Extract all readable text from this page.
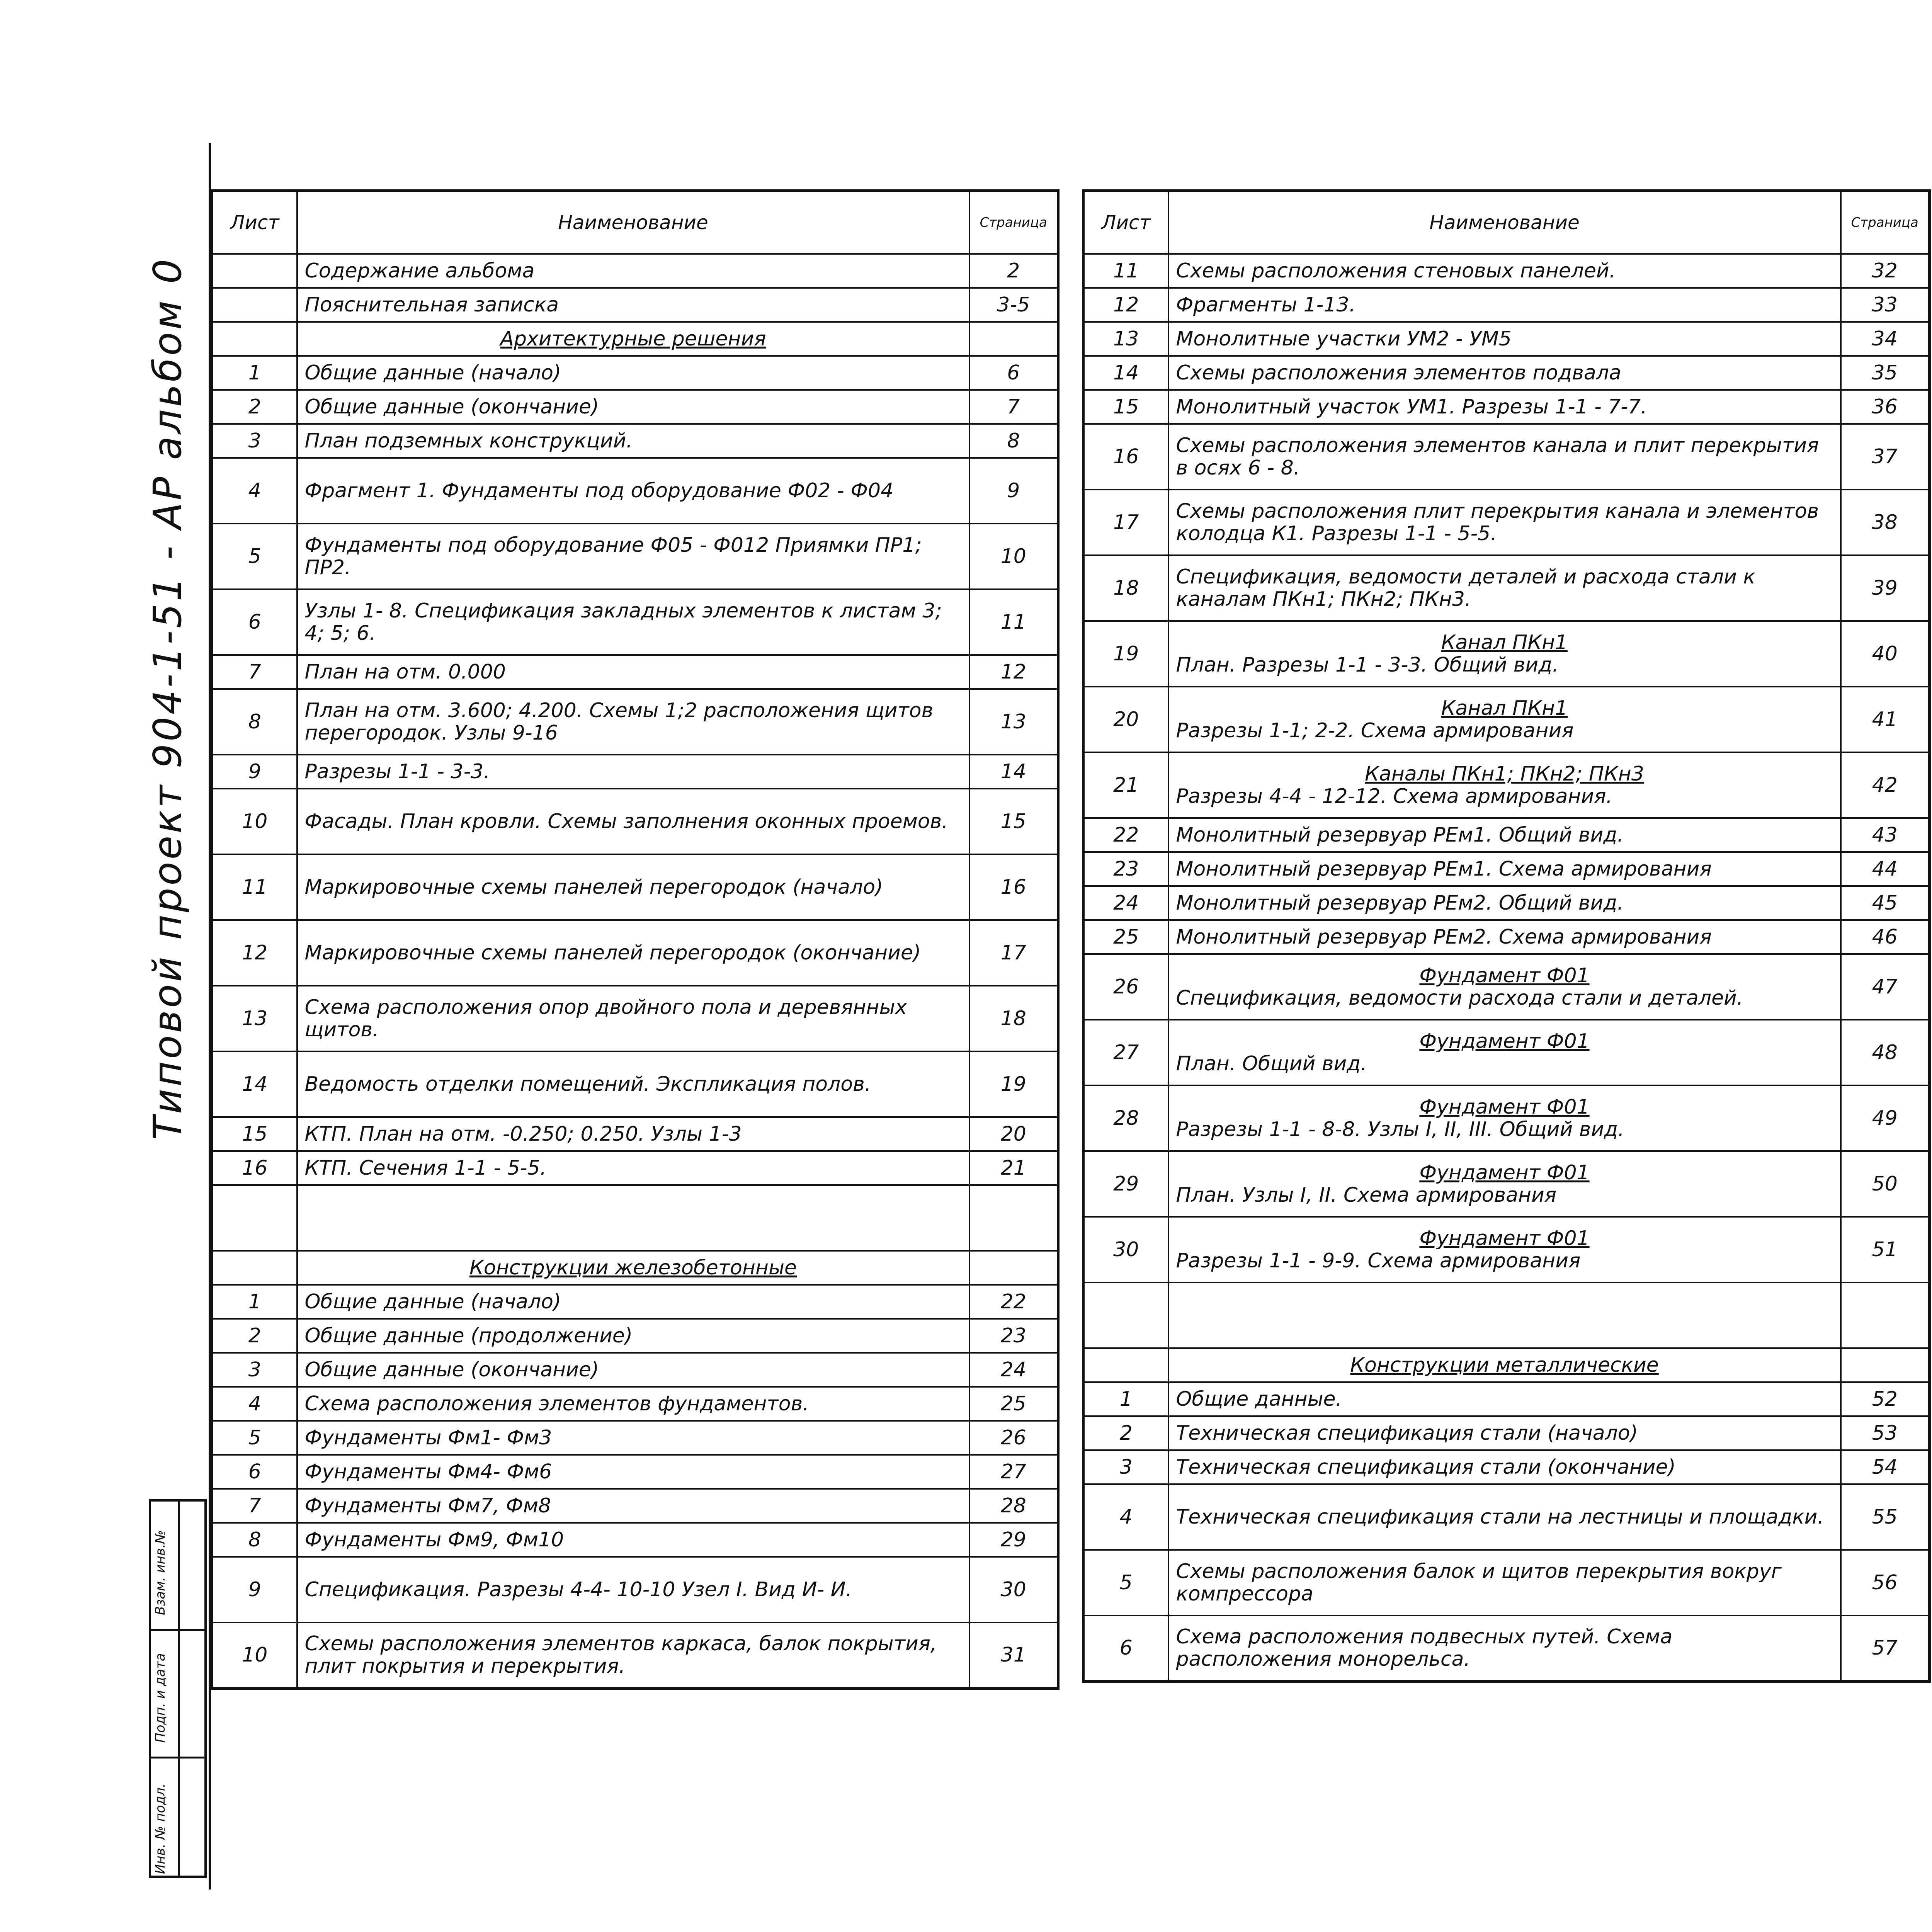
Типовой проект 904-1-51 - АР альбом 0
Инв. № подл.
Подп. и дата
Взам. инв.№
Лист	Наименование	Страница
	Содержание альбома	2
	Пояснительная записка	3-5
	Архитектурные решения	
1	Общие данные (начало)	6
2	Общие данные (окончание)	7
3	План подземных конструкций.	8
4	Фрагмент 1. Фундаменты под оборудование Ф02 - Ф04	9
5	Фундаменты под оборудование Ф05 - Ф012 Приямки ПР1; ПР2.	10
6	Узлы 1- 8. Спецификация закладных элементов к листам 3; 4; 5; 6.	11
7	План на отм. 0.000	12
8	План на отм. 3.600; 4.200. Схемы 1;2 расположения щитов перегородок. Узлы 9-16	13
9	Разрезы 1-1 - 3-3.	14
10	Фасады. План кровли. Схемы заполнения оконных проемов.	15
11	Маркировочные схемы панелей перегородок (начало)	16
12	Маркировочные схемы панелей перегородок (окончание)	17
13	Схема расположения опор двойного пола и деревянных щитов.	18
14	Ведомость отделки помещений. Экспликация полов.	19
15	КТП. План на отм. -0.250; 0.250. Узлы 1-3	20
16	КТП. Сечения 1-1 - 5-5.	21

	Конструкции железобетонные	
1	Общие данные (начало)	22
2	Общие данные (продолжение)	23
3	Общие данные (окончание)	24
4	Схема расположения элементов фундаментов.	25
5	Фундаменты Фм1- Фм3	26
6	Фундаменты Фм4- Фм6	27
7	Фундаменты Фм7, Фм8	28
8	Фундаменты Фм9, Фм10	29
9	Спецификация. Разрезы 4-4- 10-10 Узел I. Вид И- И.	30
10	Схемы расположения элементов каркаса, балок покрытия, плит покрытия и перекрытия.	31
Лист	Наименование	Страница
11	Схемы расположения стеновых панелей.	32
12	Фрагменты 1-13.	33
13	Монолитные участки УМ2 - УМ5	34
14	Схемы расположения элементов подвала	35
15	Монолитный участок УМ1. Разрезы 1-1 - 7-7.	36
16	Схемы расположения элементов канала и плит перекрытия в осях 6 - 8.	37
17	Схемы расположения плит перекрытия канала и элементов колодца К1. Разрезы 1-1 - 5-5.	38
18	Спецификация, ведомости деталей и расхода стали к каналам ПКн1; ПКн2; ПКн3.	39
19	Канал ПКн1
План. Разрезы 1-1 - 3-3. Общий вид.	40
20	Канал ПКн1
Разрезы 1-1; 2-2. Схема армирования	41
21	Каналы ПКн1; ПКн2; ПКн3
Разрезы 4-4 - 12-12. Схема армирования.	42
22	Монолитный резервуар РЕм1. Общий вид.	43
23	Монолитный резервуар РЕм1. Схема армирования	44
24	Монолитный резервуар РЕм2. Общий вид.	45
25	Монолитный резервуар РЕм2. Схема армирования	46
26	Фундамент Ф01
Спецификация, ведомости расхода стали и деталей.	47
27	Фундамент Ф01
План. Общий вид.	48
28	Фундамент Ф01
Разрезы 1-1 - 8-8. Узлы I, II, III. Общий вид.	49
29	Фундамент Ф01
План. Узлы I, II. Схема армирования	50
30	Фундамент Ф01
Разрезы 1-1 - 9-9. Схема армирования	51

	Конструкции металлические	
1	Общие данные.	52
2	Техническая спецификация стали (начало)	53
3	Техническая спецификация стали (окончание)	54
4	Техническая спецификация стали на лестницы и площадки.	55
5	Схемы расположения балок и щитов перекрытия вокруг компрессора	56
6	Схема расположения подвесных путей. Схема расположения монорельса.	57
